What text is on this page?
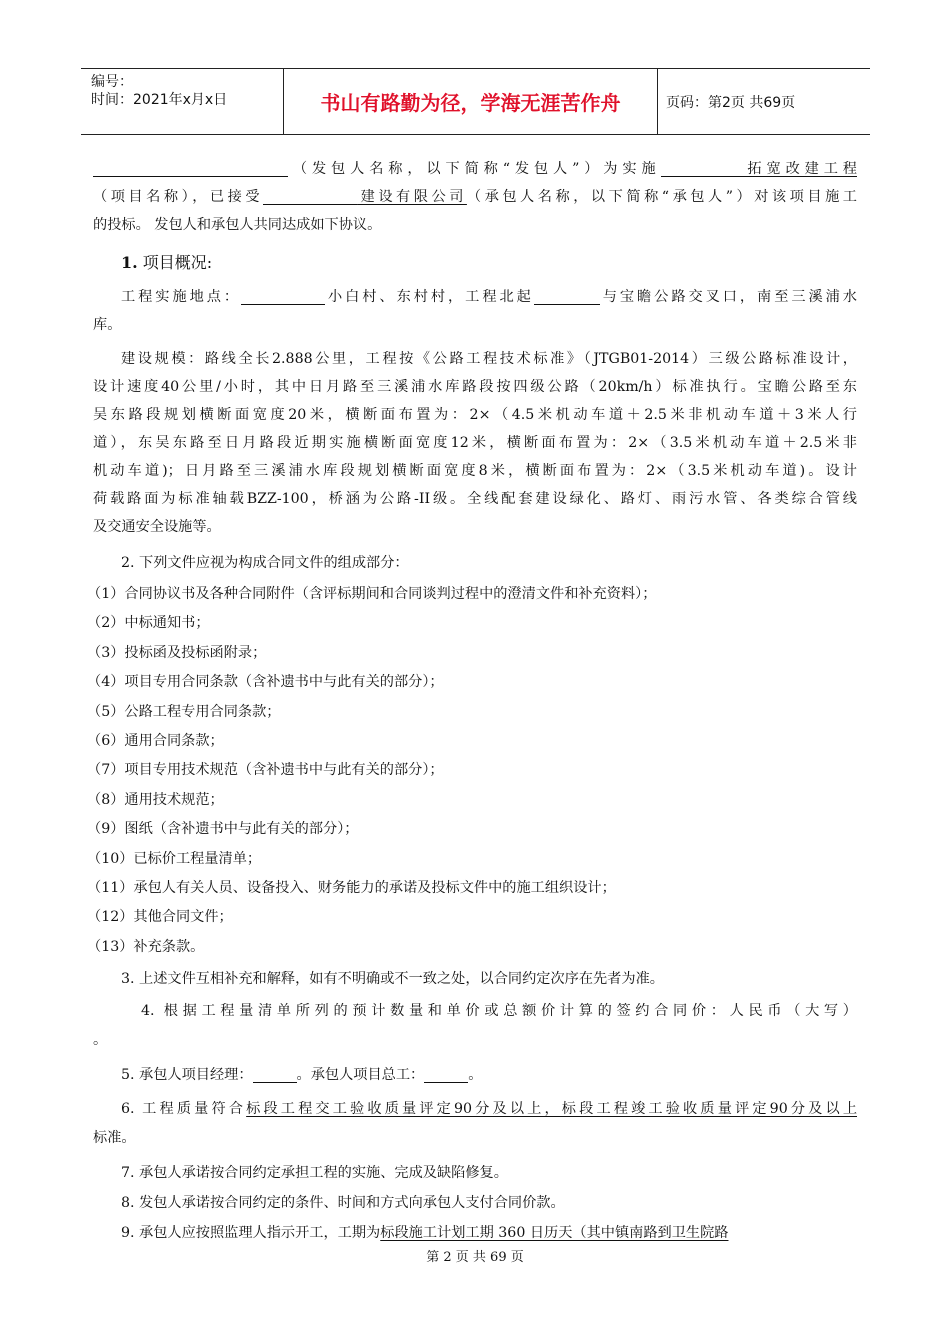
编号：
时间：2021年x月x日	书山有路勤为径，学海无涯苦作舟	页码：第2页 共69页

（发包人名称，以下简称“发包人”）为实施	拓宽改建工程

（项目名称），已接受	建设有限公司（承包人名称，以下简称“承包人”）对该项目施工

的投标。 发包人和承包人共同达成如下协议。

1. 项目概况:

工程实施地点：	小白村、东村村，工程北起	与宝瞻公路交叉口，南至三溪浦水

库。

建设规模：路线全长2.888公里，工程按《公路工程技术标准》（JTGB01-2014）三级公路标准设计，

设计速度40公里/小时，其中日月路至三溪浦水库路段按四级公路（20km/h）标准执行。宝瞻公路至东

吴东路段规划横断面宽度20米，横断面布置为：2×（4.5米机动车道＋2.5米非机动车道＋3米人行

道），东吴东路至日月路段近期实施横断面宽度12米，横断面布置为：2×（3.5米机动车道＋2.5米非

机动车道)；日月路至三溪浦水库段规划横断面宽度8米，横断面布置为：2×（3.5米机动车道)。设计

荷载路面为标准轴载BZZ-100，桥涵为公路-II级。全线配套建设绿化、路灯、雨污水管、各类综合管线

及交通安全设施等。

2. 下列文件应视为构成合同文件的组成部分：

（1）合同协议书及各种合同附件（含评标期间和合同谈判过程中的澄清文件和补充资料）；

（2）中标通知书；

（3）投标函及投标函附录；

（4）项目专用合同条款（含补遗书中与此有关的部分）；

（5）公路工程专用合同条款；

（6）通用合同条款；

（7）项目专用技术规范（含补遗书中与此有关的部分）；

（8）通用技术规范；

（9）图纸（含补遗书中与此有关的部分）；

（10）已标价工程量清单；

（11）承包人有关人员、设备投入、财务能力的承诺及投标文件中的施工组织设计；

（12）其他合同文件；

（13）补充条款。

3. 上述文件互相补充和解释，如有不明确或不一致之处，以合同约定次序在先者为准。

4. 根据工程量清单所列的预计数量和单价或总额价计算的签约合同价：人民币（大写）

。

5. 承包人项目经理：	。承包人项目总工：	。

6. 工程质量符合标段工程交工验收质量评定90分及以上，标段工程竣工验收质量评定90分及以上

标准。

7. 承包人承诺按合同约定承担工程的实施、完成及缺陷修复。

8. 发包人承诺按合同约定的条件、时间和方式向承包人支付合同价款。

9. 承包人应按照监理人指示开工，工期为标段施工计划工期 360 日历天（其中镇南路到卫生院路

第 2 页 共 69 页
